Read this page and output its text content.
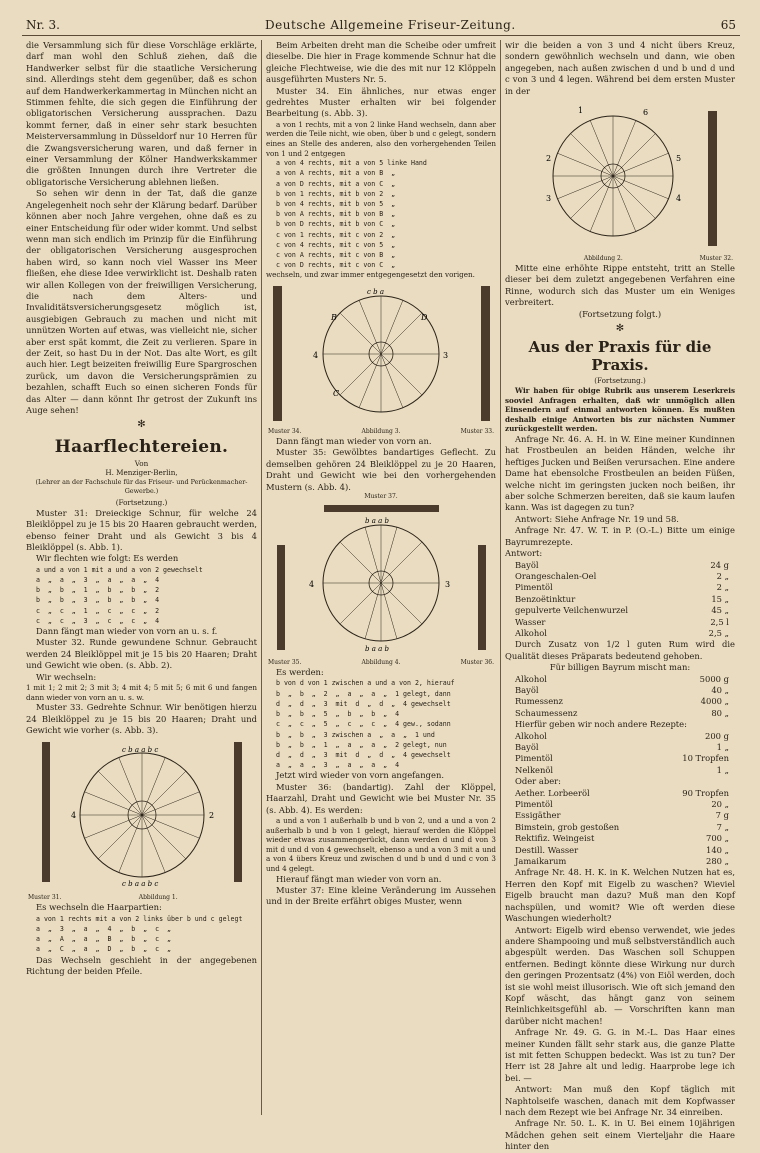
Nr. 3.	Deutsche Allgemeine Friseur-Zeitung.	65

die Versammlung sich für diese Vorschläge erklärte, darf man wohl den Schluß ziehen, daß die Handwerker selbst für die staatliche Versicherung sind. Allerdings steht dem gegenüber, daß es schon auf dem Handwerkerkammertag in München nicht an Stimmen fehlte, die sich gegen die Einführung der obligatorischen Versicherung aussprachen. Dazu kommt ferner, daß in einer sehr stark besuchten Meisterversammlung in Düsseldorf nur 10 Herren für die Zwangsversicherung waren, und daß ferner in einer Versammlung der Kölner Handwerkskammer die größten Innungen durch ihre Vertreter die obligatorische Versicherung ablehnen ließen.

So sehen wir denn in der Tat, daß die ganze Angelegenheit noch sehr der Klärung bedarf. Darüber können aber noch Jahre vergehen, ohne daß es zu einer Entscheidung für oder wider kommt. Und selbst wenn man sich endlich im Prinzip für die Einführung der obligatorischen Versicherung ausgesprochen haben wird, so kann noch viel Wasser ins Meer fließen, ehe diese Idee verwirklicht ist. Deshalb raten wir allen Kollegen von der freiwilligen Versicherung, die nach dem Alters- und Invaliditätsversicherungsgesetz möglich ist, ausgiebigen Gebrauch zu machen und nicht mit unnützen Worten auf etwas, was vielleicht nie, sicher aber erst spät kommt, die Zeit zu verlieren. Spare in der Zeit, so hast Du in der Not. Das alte Wort, es gilt auch hier. Legt beizeiten freiwillig Eure Spargroschen zurück, um davon die Versicherungsprämien zu bezahlen, schafft Euch so einen sicheren Fonds für das Alter — dann könnt Ihr getrost der Zukunft ins Auge sehen!

✻
Haarflechtereien.

Von

H. Menziger-Berlin,

(Lehrer an der Fachschule für das Friseur- und Perückenmacher-Gewerbe.)

(Fortsetzung.)

Muster 31: Dreieckige Schnur, für welche 24 Bleiklöppel zu je 15 bis 20 Haaren gebraucht werden, ebenso feiner Draht und als Gewicht 3 bis 4 Bleiklöppel (s. Abb. 1).

Wir flechten wie folgt: Es werden

a und a von 1 mit a und a von 2 gewechselt
a  „  a  „  3  „  a  „  a  „  4
b  „  b  „  1  „  b  „  b  „  2
b  „  b  „  3  „  b  „  b  „  4
c  „  c  „  1  „  c  „  c  „  2
c  „  c  „  3  „  c  „  c  „  4

Dann fängt man wieder von vorn an u. s. f.

Muster 32. Runde gewundene Schnur. Gebraucht werden 24 Bleiklöppel mit je 15 bis 20 Haaren; Draht und Gewicht wie oben. (s. Abb. 2).

Wir wechseln:

1 mit 1; 2 mit 2; 3 mit 3; 4 mit 4; 5 mit 5; 6 mit 6 und fangen dann wieder von vorn an u. s. w.

Muster 33. Gedrehte Schnur. Wir benötigen hierzu 24 Bleiklöppel zu je 15 bis 20 Haaren; Draht und Gewicht wie vorher (s. Abb. 3).

c b a a b c
c b a a b c
4	2
Muster 31.	Abbildung 1.

Es wechseln die Haarpartien:

a von 1 rechts mit a von 2 links über b und c gelegt
a  „  3  „  a  „  4  „  b  „  c  „
a  „  A  „  a  „  B  „  b  „  c  „
a  „  C  „  a  „  D  „  b  „  c  „

Das Wechseln geschieht in der angegebenen Richtung der beiden Pfeile.

Beim Arbeiten dreht man die Scheibe oder umfreit dieselbe. Die hier in Frage kommende Schnur hat die gleiche Flechtweise, wie die des mit nur 12 Klöppeln ausgeführten Musters Nr. 5.

Muster 34. Ein ähnliches, nur etwas enger gedrehtes Muster erhalten wir bei folgender Bearbeitung (s. Abb. 3).

a von 1 rechts, mit a von 2 linke Hand wechseln, dann aber werden die Teile nicht, wie oben, über b und c gelegt, sondern eines an Stelle des anderen, also den vorhergehenden Teilen von 1 und 2 entgegen

a von 4 rechts, mit a von 5 linke Hand
a von A rechts, mit a von B  „
a von D rechts, mit a von C  „
b von 1 rechts, mit b von 2  „
b von 4 rechts, mit b von 5  „
b von A rechts, mit b von B  „
b von D rechts, mit b von C  „
c von 1 rechts, mit c von 2  „
c von 4 rechts, mit c von 5  „
c von A rechts, mit c von B  „
c von D rechts, mit c von C  „

wechseln, und zwar immer entgegengesetzt den vorigen.

c b a
B	D
4	3
C
Muster 34.	Abbildung 3.	Muster 33.

Dann fängt man wieder von vorn an.

Muster 35: Gewölbtes bandartiges Geflecht. Zu demselben gehören 24 Bleiklöppel zu je 20 Haaren, Draht und Gewicht wie bei den vorhergehenden Mustern (s. Abb. 4).

Muster 37.
b a a b
b a a b
4	3
Muster 35.	Abbildung 4.	Muster 36.

Es werden:

b von d von 1 zwischen a und a von 2, hierauf
b  „  b  „  2  „  a  „  a  „  1 gelegt, dann
d  „  d  „  3  mit  d  „  d  „  4 gewechselt
b  „  b  „  5  „  b  „  b  „  4
c  „  c  „  5  „  c  „  c  „  4 gew., sodann
b  „  b  „  3 zwischen a  „  a  „  1 und
b  „  b  „  1  „  a  „  a  „  2 gelegt, nun
d  „  d  „  3  mit  d  „  d  „  4 gewechselt
a  „  a  „  3  „  a  „  a  „  4

Jetzt wird wieder von vorn angefangen.

Muster 36: (bandartig). Zahl der Klöppel, Haarzahl, Draht und Gewicht wie bei Muster Nr. 35 (s. Abb. 4). Es werden:

a und a von 1 außerhalb b und b von 2, und a und a von 2 außerhalb b und b von 1 gelegt, hierauf werden die Klöppel wieder etwas zusammengerückt, dann werden d und d von 3 mit d und d von 4 gewechselt, ebenso a und a von 3 mit a und a von 4 übers Kreuz und zwischen d und b und d und c von 3 und 4 gelegt.

Hierauf fängt man wieder von vorn an.

Muster 37: Eine kleine Veränderung im Aussehen und in der Breite erfährt obiges Muster, wenn

wir die beiden a von 3 und 4 nicht übers Kreuz, sondern gewöhnlich wechseln und dann, wie oben angegeben, nach außen zwischen d und b und d und c von 3 und 4 legen. Während bei dem ersten Muster in der

1	6
2	5
3	4
Abbildung 2.	Muster 32.

Mitte eine erhöhte Rippe entsteht, tritt an Stelle dieser bei dem zuletzt angegebenen Verfahren eine Rinne, wodurch sich das Muster um ein Weniges verbreitert.

(Fortsetzung folgt.)

✻
Aus der Praxis für die Praxis.

(Fortsetzung.)

Wir haben für obige Rubrik aus unserem Leserkreis sooviel Anfragen erhalten, daß wir unmöglich allen Einsendern auf einmal antworten können. Es mußten deshalb einige Antworten bis zur nächsten Nummer zurückgestellt werden.

Anfrage Nr. 46. A. H. in W. Eine meiner Kundinnen hat Frostbeulen an beiden Händen, welche ihr heftiges Jucken und Beißen verursachen. Eine andere Dame hat ebensolche Frostbeulen an beiden Füßen, welche nicht im geringsten jucken noch beißen, ihr aber solche Schmerzen bereiten, daß sie kaum laufen kann. Was ist dagegen zu tun?

Antwort: Siehe Anfrage Nr. 19 und 58.

Anfrage Nr. 47. W. T. in P. (O.-L.) Bitte um einige Bayrumrezepte.

Antwort:

Bayöl	24 g
Orangeschalen-Oel	2 „
Pimentöl	2 „
Benzoëtinktur	15 „
gepulverte Veilchenwurzel	45 „
Wasser	2,5 l
Alkohol	2,5 „

Durch Zusatz von 1/2 l guten Rum wird die Qualität dieses Präparats bedeutend gehoben.

Für billigen Bayrum mischt man:

Alkohol	5000 g
Bayöl	40 „
Rumessenz	4000 „
Schaumessenz	80 „

Hierfür geben wir noch andere Rezepte:

Alkohol	200 g
Bayöl	1 „
Pimentöl	10 Tropfen
Nelkenöl	1 „

Oder aber:

Aether. Lorbeeröl	90 Tropfen
Pimentöl	20 „
Essigäther	7 g
Bimstein, grob gestoßen	7 „
Rektifiz. Weingeist	700 „
Destill. Wasser	140 „
Jamaikarum	280 „

Anfrage Nr. 48. H. K. in K. Welchen Nutzen hat es, Herren den Kopf mit Eigelb zu waschen? Wieviel Eigelb braucht man dazu? Muß man den Kopf nachspülen, und womit? Wie oft werden diese Waschungen wiederholt?

Antwort: Eigelb wird ebenso verwendet, wie jedes andere Shampooing und muß selbstverständlich auch abgespült werden. Das Waschen soll Schuppen entfernen. Bedingt könnte diese Wirkung nur durch den geringen Prozentsatz (4%) von Eiöl werden, doch ist sie wohl meist illusorisch. Wie oft sich jemand den Kopf wäscht, das hängt ganz von seinem Reinlichkeitsgefühl ab. — Vorschriften kann man darüber nicht machen!

Anfrage Nr. 49. G. G. in M.-L. Das Haar eines meiner Kunden fällt sehr stark aus, die ganze Platte ist mit fetten Schuppen bedeckt. Was ist zu tun? Der Herr ist 28 Jahre alt und ledig. Haarprobe lege ich bei. —

Antwort: Man muß den Kopf täglich mit Naphtolseife waschen, danach mit dem Kopfwasser nach dem Rezept wie bei Anfrage Nr. 34 einreiben.

Anfrage Nr. 50. L. K. in U. Bei einem 10jährigen Mädchen gehen seit einem Vierteljahr die Haare hinter den
